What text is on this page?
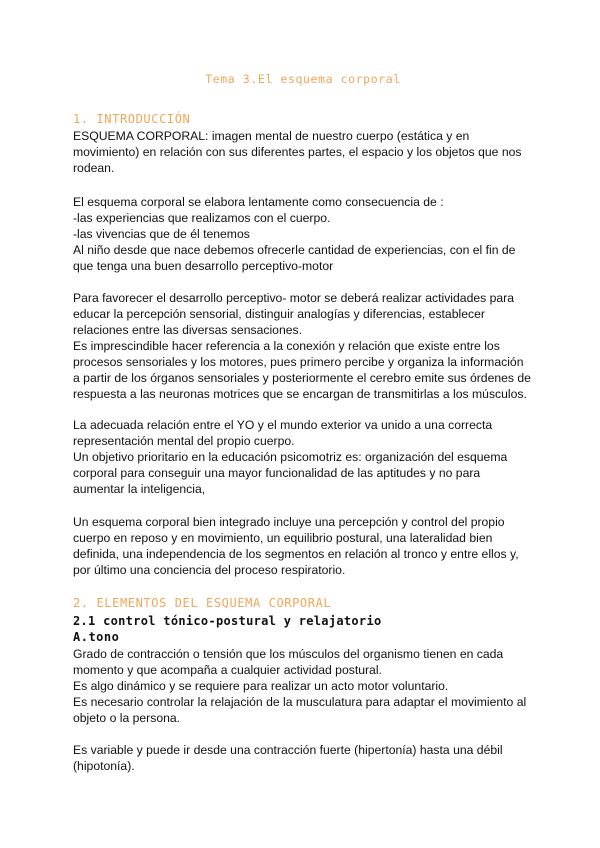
Tema 3.El esquema corporal
1. INTRODUCCIÓN
ESQUEMA CORPORAL: imagen mental de nuestro cuerpo (estática y en
movimiento) en relación con sus diferentes partes, el espacio y los objetos que nos
rodean.
El esquema corporal se elabora lentamente como consecuencia de :
-las experiencias que realizamos con el cuerpo.
-las vivencias que de él tenemos
Al niño desde que nace debemos ofrecerle cantidad de experiencias, con el fin de
que tenga una buen desarrollo perceptivo-motor
Para favorecer el desarrollo perceptivo- motor se deberá realizar actividades para
educar la percepción sensorial, distinguir analogías y diferencias, establecer
relaciones entre las diversas sensaciones.
Es imprescindible hacer referencia a la conexión y relación que existe entre los
procesos sensoriales y los motores, pues primero percibe y organiza la información
a partir de los órganos sensoriales y posteriormente el cerebro emite sus órdenes de
respuesta a las neuronas motrices que se encargan de transmitirlas a los músculos.
La adecuada relación entre el YO y el mundo exterior va unido a una correcta
representación mental del propio cuerpo.
Un objetivo prioritario en la educación psicomotriz es: organización del esquema
corporal para conseguir una mayor funcionalidad de las aptitudes y no para
aumentar la inteligencia,
Un esquema corporal bien integrado incluye una percepción y control del propio
cuerpo en reposo y en movimiento, un equilibrio postural, una lateralidad bien
definida, una independencia de los segmentos en relación al tronco y entre ellos y,
por último una conciencia del proceso respiratorio.
2. ELEMENTOS DEL ESQUEMA CORPORAL
2.1 control tónico-postural y relajatorio
A.tono
Grado de contracción o tensión que los músculos del organismo tienen en cada
momento y que acompaña a cualquier actividad postural.
Es algo dinámico y se requiere para realizar un acto motor voluntario.
Es necesario controlar la relajación de la musculatura para adaptar el movimiento al
objeto o la persona.
Es variable y puede ir desde una contracción fuerte (hipertonía) hasta una débil
(hipotonía).
